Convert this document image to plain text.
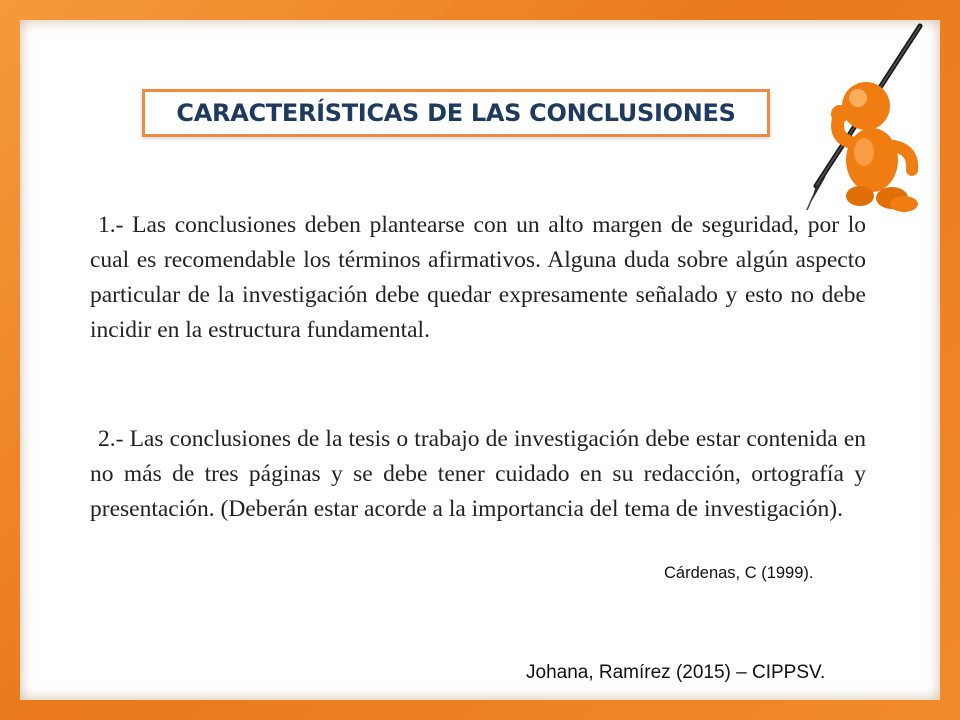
CARACTERÍSTICAS DE LAS CONCLUSIONES
1.- Las conclusiones deben plantearse con un alto margen de seguridad, por lo cual es recomendable los términos afirmativos. Alguna duda sobre algún aspecto particular de la investigación debe quedar expresamente señalado y esto no debe incidir en la estructura fundamental.
2.- Las conclusiones de la tesis o trabajo de investigación debe estar contenida en no más de tres páginas y se debe tener cuidado en su redacción, ortografía y presentación. (Deberán estar acorde a la importancia del tema de investigación).
Cárdenas, C (1999).
Johana, Ramírez (2015) – CIPPSV.
